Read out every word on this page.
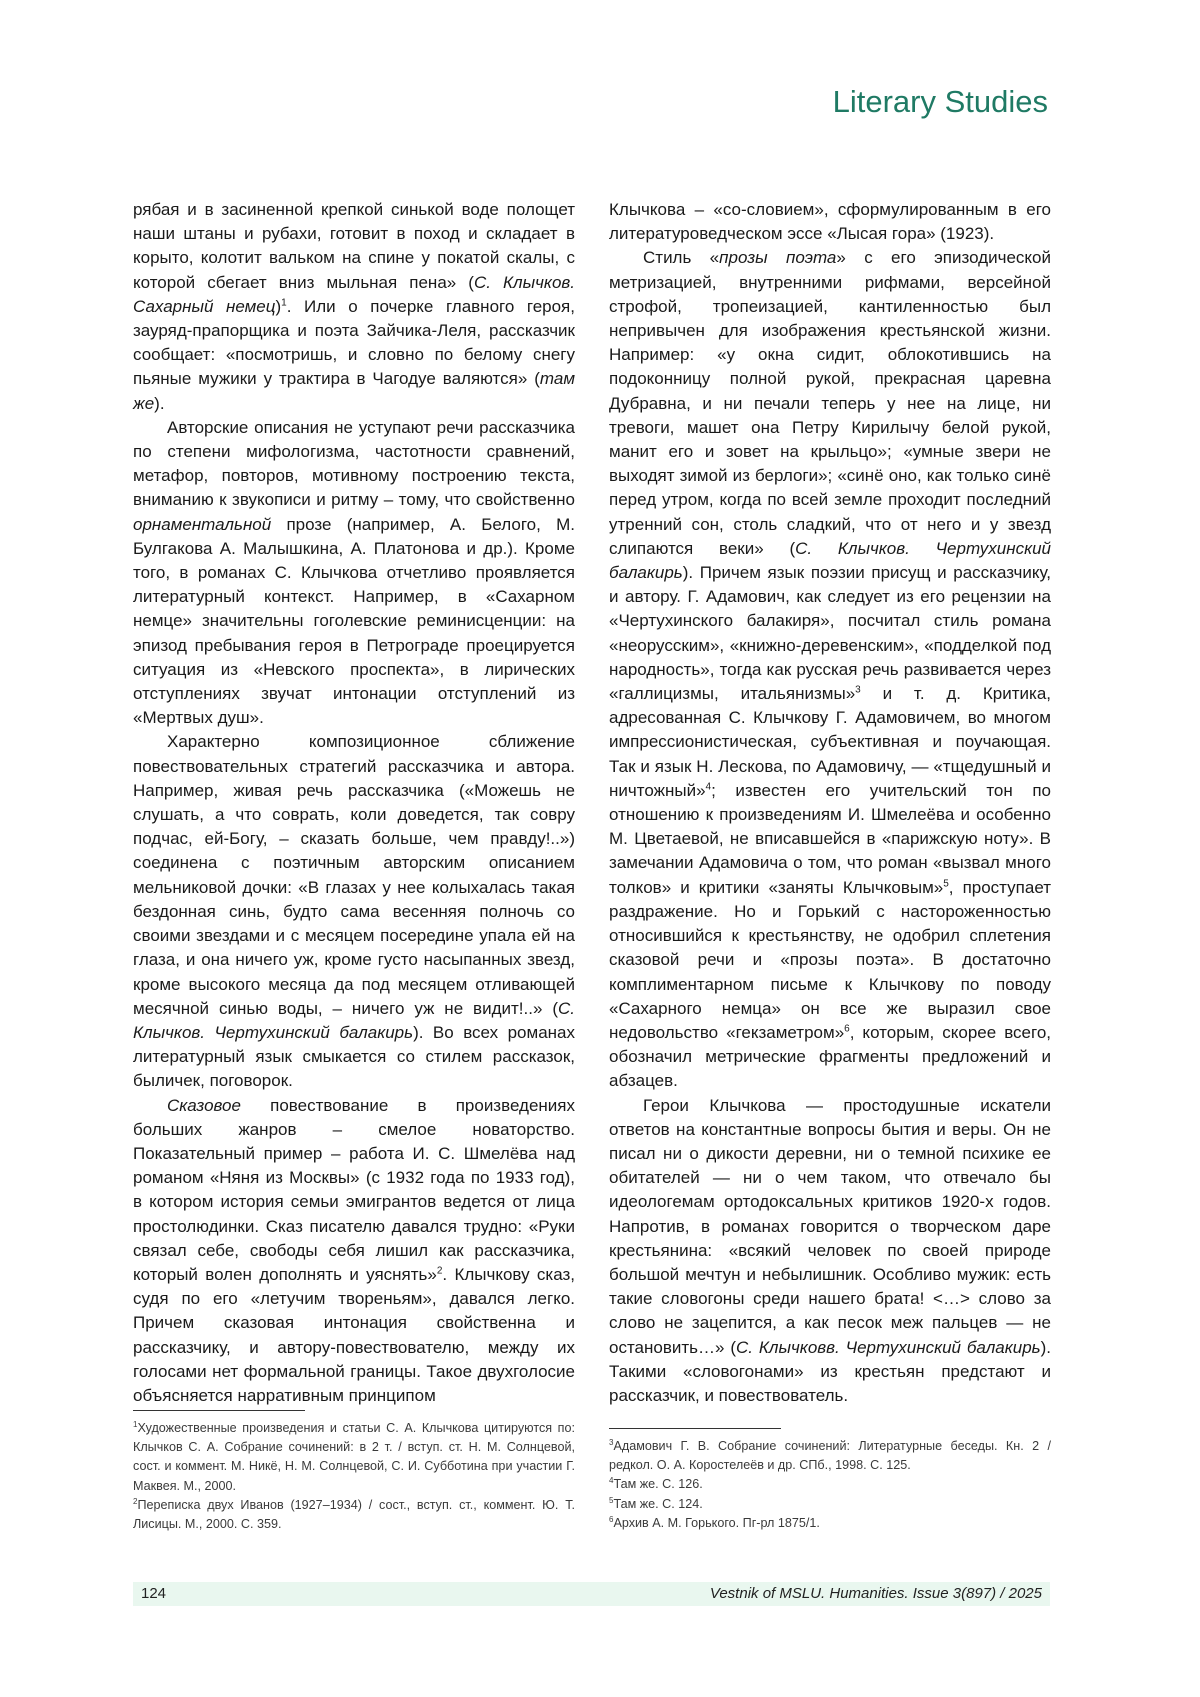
Literary Studies

рябая и в засиненной крепкой синькой воде полощет наши штаны и рубахи, готовит в поход и складает в корыто, колотит вальком на спине у покатой скалы, с которой сбегает вниз мыльная пена» (С. Клычков. Сахарный немец)1. Или о почерке главного героя, зауряд-прапорщика и поэта Зайчика-Леля, рассказчик сообщает: «посмотришь, и словно по белому снегу пьяные мужики у трактира в Чагодуе валяются» (там же).

Авторские описания не уступают речи рассказчика по степени мифологизма, частотности сравнений, метафор, повторов, мотивному построению текста, вниманию к звукописи и ритму – тому, что свойственно орнаментальной прозе (например, А. Белого, М. Булгакова А. Малышкина, А. Платонова и др.). Кроме того, в романах С. Клычкова отчетливо проявляется литературный контекст. Например, в «Сахарном немце» значительны гоголевские реминисценции: на эпизод пребывания героя в Петрограде проецируется ситуация из «Невского проспекта», в лирических отступлениях звучат интонации отступлений из «Мертвых душ».

Характерно композиционное сближение повествовательных стратегий рассказчика и автора. Например, живая речь рассказчика («Можешь не слушать, а что соврать, коли доведется, так совру подчас, ей-Богу, – сказать больше, чем правду!..») соединена с поэтичным авторским описанием мельниковой дочки: «В глазах у нее колыхалась такая бездонная синь, будто сама весенняя полночь со своими звездами и с месяцем посередине упала ей на глаза, и она ничего уж, кроме густо насыпанных звезд, кроме высокого месяца да под месяцем отливающей месячной синью воды, – ничего уж не видит!..» (С. Клычков. Чертухинский балакирь). Во всех романах литературный язык смыкается со стилем рассказок, быличек, поговорок.

Сказовое повествование в произведениях больших жанров – смелое новаторство. Показательный пример – работа И. С. Шмелёва над романом «Няня из Москвы» (с 1932 года по 1933 год), в котором история семьи эмигрантов ведется от лица простолюдинки. Сказ писателю давался трудно: «Руки связал себе, свободы себя лишил как рассказчика, который волен дополнять и уяснять»2. Клычкову сказ, судя по его «летучим твореньям», давался легко. Причем сказовая интонация свойственна и рассказчику, и автору-повествователю, между их голосами нет формальной границы. Такое двухголосие объясняется нарративным принципом

Клычкова – «со-словием», сформулированным в его литературоведческом эссе «Лысая гора» (1923).

Стиль «прозы поэта» с его эпизодической метризацией, внутренними рифмами, версейной строфой, тропеизацией, кантиленностью был непривычен для изображения крестьянской жизни. Например: «у окна сидит, облокотившись на подоконницу полной рукой, прекрасная царевна Дубравна, и ни печали теперь у нее на лице, ни тревоги, машет она Петру Кирилычу белой рукой, манит его и зовет на крыльцо»; «умные звери не выходят зимой из берлоги»; «синё оно, как только синё перед утром, когда по всей земле проходит последний утренний сон, столь сладкий, что от него и у звезд слипаются веки» (С. Клычков. Чертухинский балакирь). Причем язык поэзии присущ и рассказчику, и автору. Г. Адамович, как следует из его рецензии на «Чертухинского балакиря», посчитал стиль романа «неорусским», «книжно-деревенским», «подделкой под народность», тогда как русская речь развивается через «галлицизмы, итальянизмы»3 и т. д. Критика, адресованная С. Клычкову Г. Адамовичем, во многом импрессионистическая, субъективная и поучающая. Так и язык Н. Лескова, по Адамовичу, — «тщедушный и ничтожный»4; известен его учительский тон по отношению к произведениям И. Шмелеёва и особенно М. Цветаевой, не вписавшейся в «парижскую ноту». В замечании Адамовича о том, что роман «вызвал много толков» и критики «заняты Клычковым»5, проступает раздражение. Но и Горький с настороженностью относившийся к крестьянству, не одобрил сплетения сказовой речи и «прозы поэта». В достаточно комплиментарном письме к Клычкову по поводу «Сахарного немца» он все же выразил свое недовольство «гекзаметром»6, которым, скорее всего, обозначил метрические фрагменты предложений и абзацев.

Герои Клычкова — простодушные искатели ответов на константные вопросы бытия и веры. Он не писал ни о дикости деревни, ни о темной психике ее обитателей — ни о чем таком, что отвечало бы идеологемам ортодоксальных критиков 1920-х годов. Напротив, в романах говорится о творческом даре крестьянина: «всякий человек по своей природе большой мечтун и небылишник. Особливо мужик: есть такие словогоны среди нашего брата! <…> слово за слово не зацепится, а как песок меж пальцев — не остановить…» (С. Клычковв. Чертухинский балакирь). Такими «словогонами» из крестьян предстают и рассказчик, и повествователь.

1Художественные произведения и статьи С. А. Клычкова цитируются по: Клычков С. А. Собрание сочинений: в 2 т. / вступ. ст. Н. М. Солнцевой, сост. и коммент. М. Никё, Н. М. Солнцевой, С. И. Субботина при участии Г. Маквея. М., 2000.
2Переписка двух Иванов (1927–1934) / сост., вступ. ст., коммент. Ю. Т. Лисицы. М., 2000. С. 359.
3Адамович Г. В. Собрание сочинений: Литературные беседы. Кн. 2 / редкол. О. А. Коростелеёв и др. СПб., 1998. С. 125.
4Там же. С. 126.
5Там же. С. 124.
6Архив А. М. Горького. Пг-рл 1875/1.
124	Vestnik of MSLU. Humanities. Issue 3(897) / 2025
